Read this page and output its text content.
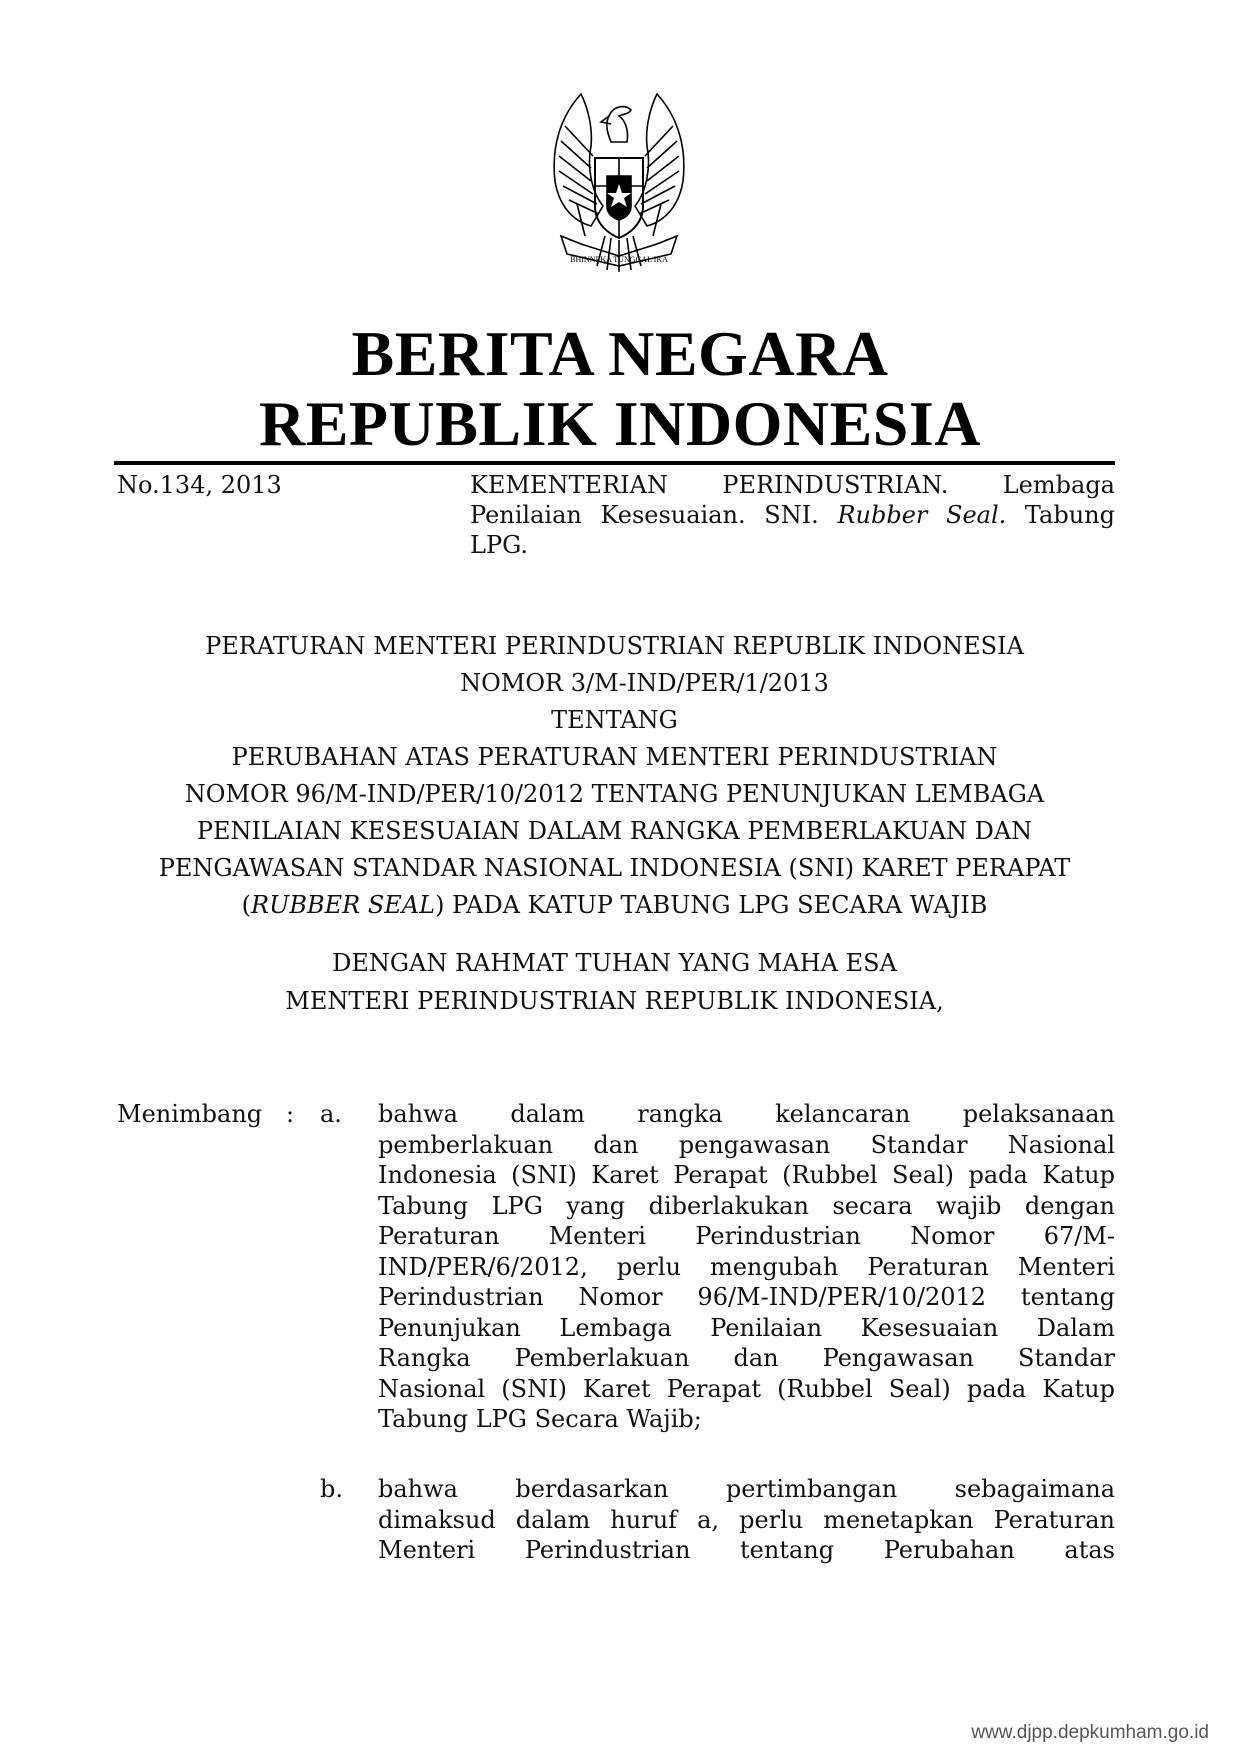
BHINNEKA TUNGGAL IKA
BERITA NEGARA
REPUBLIK INDONESIA
No.134, 2013	KEMENTERIAN PERINDUSTRIAN. Lembaga
Penilaian Kesesuaian. SNI. Rubber Seal. Tabung
LPG.
PERATURAN MENTERI PERINDUSTRIAN REPUBLIK INDONESIA
NOMOR 3/M-IND/PER/1/2013
TENTANG
PERUBAHAN ATAS PERATURAN MENTERI PERINDUSTRIAN
NOMOR 96/M-IND/PER/10/2012 TENTANG PENUNJUKAN LEMBAGA
PENILAIAN KESESUAIAN DALAM RANGKA PEMBERLAKUAN DAN
PENGAWASAN STANDAR NASIONAL INDONESIA (SNI) KARET PERAPAT
(RUBBER SEAL) PADA KATUP TABUNG LPG SECARA WAJIB
DENGAN RAHMAT TUHAN YANG MAHA ESA
MENTERI PERINDUSTRIAN REPUBLIK INDONESIA,
Menimbang : a. bahwa dalam rangka kelancaran pelaksanaan
pemberlakuan dan pengawasan Standar Nasional
Indonesia (SNI) Karet Perapat (Rubbel Seal) pada Katup
Tabung LPG yang diberlakukan secara wajib dengan
Peraturan Menteri Perindustrian Nomor 67/M-
IND/PER/6/2012, perlu mengubah Peraturan Menteri
Perindustrian Nomor 96/M-IND/PER/10/2012 tentang
Penunjukan Lembaga Penilaian Kesesuaian Dalam
Rangka Pemberlakuan dan Pengawasan Standar
Nasional (SNI) Karet Perapat (Rubbel Seal) pada Katup
Tabung LPG Secara Wajib;
b. bahwa berdasarkan pertimbangan sebagaimana
dimaksud dalam huruf a, perlu menetapkan Peraturan
Menteri Perindustrian tentang Perubahan atas
www.djpp.depkumham.go.id
